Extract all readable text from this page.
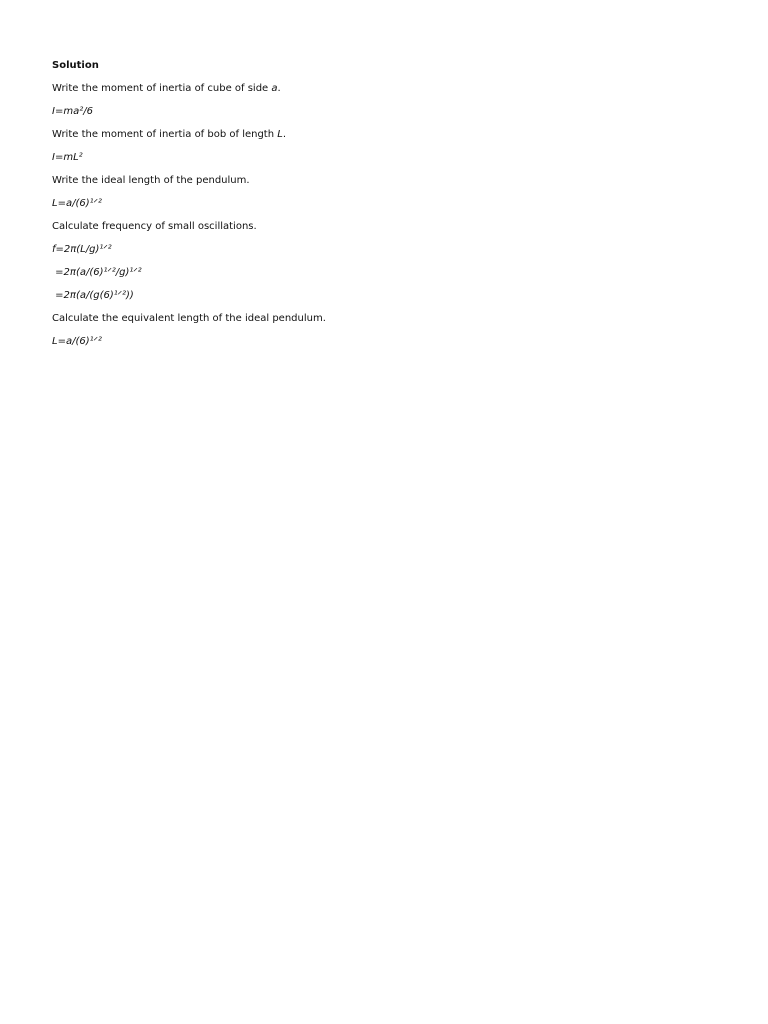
Solution
Write the moment of inertia of cube of side a.
I=ma²/6
Write the moment of inertia of bob of length L.
I=mL²
Write the ideal length of the pendulum.
L=a/(6)¹ᐟ²
Calculate frequency of small oscillations.
f=2π(L/g)¹ᐟ²
=2π(a/(6)¹ᐟ²/g)¹ᐟ²
=2π(a/(g(6)¹ᐟ²))
Calculate the equivalent length of the ideal pendulum.
L=a/(6)¹ᐟ²
